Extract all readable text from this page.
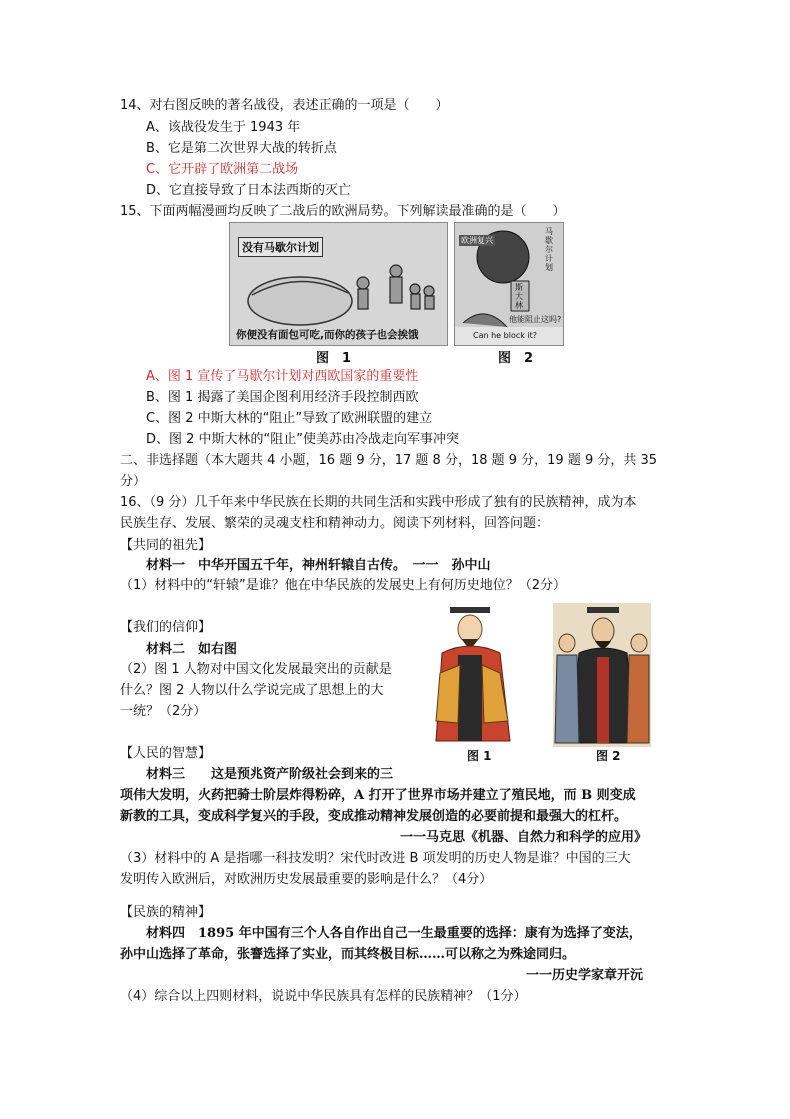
14、对右图反映的著名战役，表述正确的一项是（　　）
A、该战役发生于 1943 年
B、它是第二次世界大战的转折点
C、它开辟了欧洲第二战场
D、它直接导致了日本法西斯的灭亡
15、下面两幅漫画均反映了二战后的欧洲局势。下列解读最准确的是（　　）
没有马歇尔计划
你便没有面包可吃,而你的孩子也会挨饿
欧洲复兴
马歇尔计划
斯大林
他能阻止这吗?
Can he block it?
图　1	图　2
A、图 1 宣传了马歇尔计划对西欧国家的重要性
B、图 1 揭露了美国企图利用经济手段控制西欧
C、图 2 中斯大林的“阻止”导致了欧洲联盟的建立
D、图 2 中斯大林的“阻止”使美苏由冷战走向军事冲突
二、非选择题（本大题共 4 小题，16 题 9 分，17 题 8 分，18 题 9 分，19 题 9 分，共 35
分）
16、（9 分）几千年来中华民族在长期的共同生活和实践中形成了独有的民族精神，成为本
民族生存、发展、繁荣的灵魂支柱和精神动力。阅读下列材料，回答问题：
【共同的祖先】
材料一　中华开国五千年，神州轩辕自古传。　一一　孙中山
（1）材料中的“轩辕”是谁？他在中华民族的发展史上有何历史地位？（2分）
【我们的信仰】
材料二　如右图
（2）图 1 人物对中国文化发展最突出的贡献是
什么？图 2 人物以什么学说完成了思想上的大
一统？（2分）
图 1	图 2
【人民的智慧】
材料三　　这是预兆资产阶级社会到来的三
项伟大发明，火药把骑士阶层炸得粉碎，A 打开了世界市场并建立了殖民地，而 B 则变成
新教的工具，变成科学复兴的手段，变成推动精神发展创造的必要前提和最强大的杠杆。
一一马克思《机器、自然力和科学的应用》
（3）材料中的 A 是指哪一科技发明？宋代时改进 B 项发明的历史人物是谁？中国的三大
发明传入欧洲后，对欧洲历史发展最重要的影响是什么？（4分）
【民族的精神】
材料四　1895 年中国有三个人各自作出自己一生最重要的选择：康有为选择了变法，
孙中山选择了革命，张謇选择了实业，而其终极目标……可以称之为殊途同归。
一一历史学家章开沅
（4）综合以上四则材料，说说中华民族具有怎样的民族精神？（1分）
